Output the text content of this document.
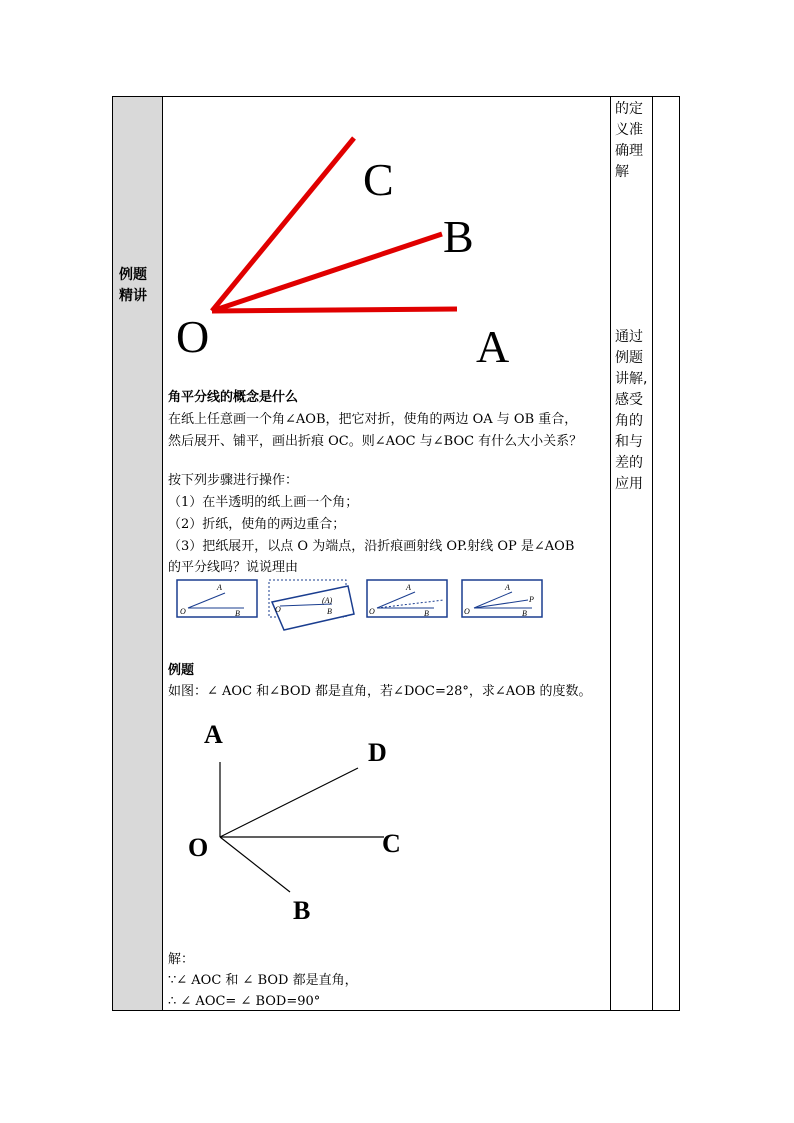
例题精讲
的定义准确理解
通过例题讲解,感受角的和与差的应用
C
B
O	A
角平分线的概念是什么
在纸上任意画一个角∠AOB，把它对折，使角的两边 OA 与 OB 重合，
然后展开、铺平，画出折痕 OC。则∠AOC 与∠BOC 有什么大小关系？
按下列步骤进行操作：
（1）在半透明的纸上画一个角；
（2）折纸，使角的两边重合；
（3）把纸展开，以点 O 为端点，沿折痕画射线 OP.射线 OP 是∠AOB
的平分线吗？说说理由
O
A
B	O
(A)
B	O
A
B	O
A
P
B
例题
如图：∠ AOC 和∠BOD 都是直角，若∠DOC=28°，求∠AOB 的度数。
A
D
O	C
B
解：
∵∠ AOC 和 ∠ BOD 都是直角，
∴ ∠ AOC= ∠ BOD=90°
